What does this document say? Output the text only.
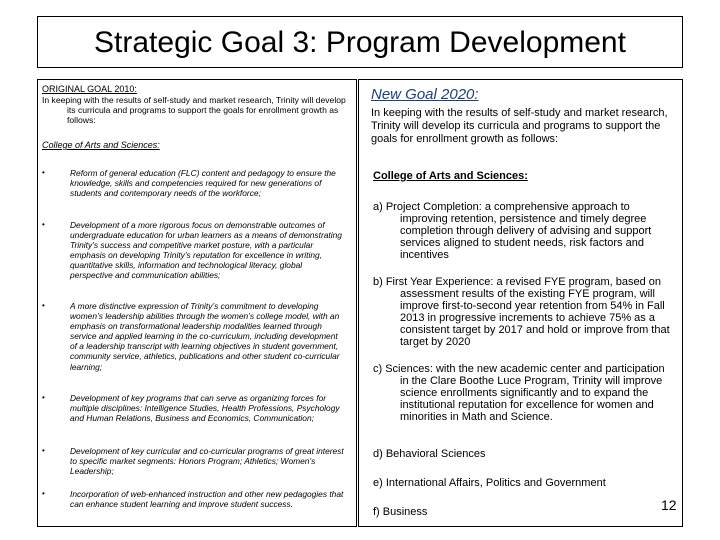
Strategic Goal 3: Program Development
ORIGINAL GOAL 2010:
In keeping with the results of self-study and market research, Trinity will develop its curricula and programs to support the goals for enrollment growth as follows:
College of Arts and Sciences:
•	Reform of general education (FLC) content and pedagogy to ensure the knowledge, skills and competencies required for new generations of students and contemporary needs of the workforce;
•	Development of a more rigorous focus on demonstrable outcomes of undergraduate education for urban learners as a means of demonstrating Trinity’s success and competitive market posture, with a particular emphasis on developing Trinity’s reputation for excellence in writing, quantitative skills, information and technological literacy, global perspective and communication abilities;
•	A more distinctive expression of Trinity’s commitment to developing women’s leadership abilities through the women’s college model, with an emphasis on transformational leadership modalities learned through service and applied learning in the co-curriculum, including development of a leadership transcript with learning objectives in student government, community service, athletics, publications and other student co-curricular learning;
•	Development of key programs that can serve as organizing forces for multiple disciplines: Intelligence Studies, Health Professions, Psychology and Human Relations, Business and Economics, Communication;
•	Development of key curricular and co-curricular programs of great interest to specific market segments: Honors Program; Athletics; Women’s Leadership;
•	Incorporation of web-enhanced instruction and other new pedagogies that can enhance student learning and improve student success.
New Goal 2020:
In keeping with the results of self-study and market research, Trinity will develop its curricula and programs to support the goals for enrollment growth as follows:
College of Arts and Sciences:
a) Project Completion: a comprehensive approach to improving retention, persistence and timely degree completion through delivery of advising and support services aligned to student needs, risk factors and incentives
b) First Year Experience: a revised FYE program, based on assessment results of the existing FYE program, will improve first-to-second year retention from 54% in Fall 2013 in progressive increments to achieve 75% as a consistent target by 2017 and hold or improve from that target by 2020
c) Sciences: with the new academic center and participation in the Clare Boothe Luce Program, Trinity will improve science enrollments significantly and to expand the institutional reputation for excellence for women and minorities in Math and Science.
d) Behavioral Sciences
e) International Affairs, Politics and Government
f) Business	12
